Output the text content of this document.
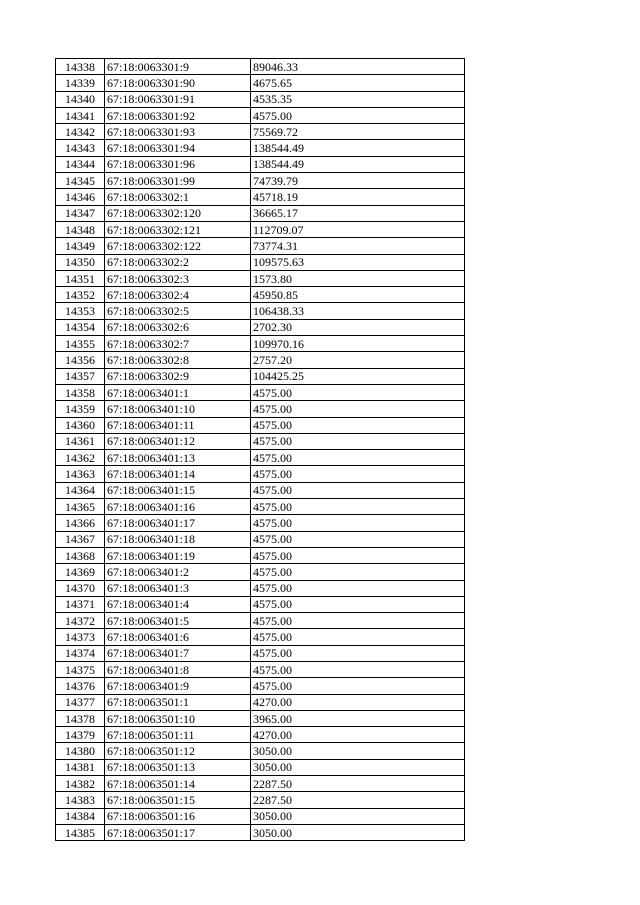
14338	67:18:0063301:9	89046.33
14339	67:18:0063301:90	4675.65
14340	67:18:0063301:91	4535.35
14341	67:18:0063301:92	4575.00
14342	67:18:0063301:93	75569.72
14343	67:18:0063301:94	138544.49
14344	67:18:0063301:96	138544.49
14345	67:18:0063301:99	74739.79
14346	67:18:0063302:1	45718.19
14347	67:18:0063302:120	36665.17
14348	67:18:0063302:121	112709.07
14349	67:18:0063302:122	73774.31
14350	67:18:0063302:2	109575.63
14351	67:18:0063302:3	1573.80
14352	67:18:0063302:4	45950.85
14353	67:18:0063302:5	106438.33
14354	67:18:0063302:6	2702.30
14355	67:18:0063302:7	109970.16
14356	67:18:0063302:8	2757.20
14357	67:18:0063302:9	104425.25
14358	67:18:0063401:1	4575.00
14359	67:18:0063401:10	4575.00
14360	67:18:0063401:11	4575.00
14361	67:18:0063401:12	4575.00
14362	67:18:0063401:13	4575.00
14363	67:18:0063401:14	4575.00
14364	67:18:0063401:15	4575.00
14365	67:18:0063401:16	4575.00
14366	67:18:0063401:17	4575.00
14367	67:18:0063401:18	4575.00
14368	67:18:0063401:19	4575.00
14369	67:18:0063401:2	4575.00
14370	67:18:0063401:3	4575.00
14371	67:18:0063401:4	4575.00
14372	67:18:0063401:5	4575.00
14373	67:18:0063401:6	4575.00
14374	67:18:0063401:7	4575.00
14375	67:18:0063401:8	4575.00
14376	67:18:0063401:9	4575.00
14377	67:18:0063501:1	4270.00
14378	67:18:0063501:10	3965.00
14379	67:18:0063501:11	4270.00
14380	67:18:0063501:12	3050.00
14381	67:18:0063501:13	3050.00
14382	67:18:0063501:14	2287.50
14383	67:18:0063501:15	2287.50
14384	67:18:0063501:16	3050.00
14385	67:18:0063501:17	3050.00
